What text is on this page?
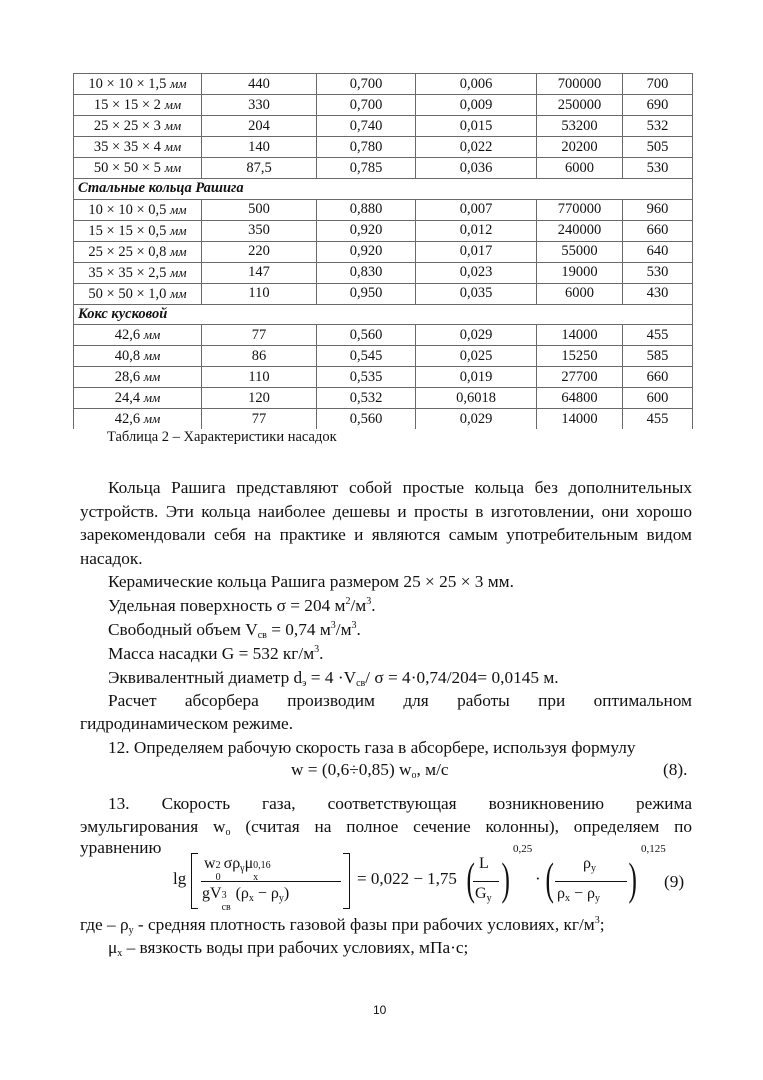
10 × 10 × 1,5 мм	440	0,700	0,006	700000	700
15 × 15 × 2 мм	330	0,700	0,009	250000	690
25 × 25 × 3 мм	204	0,740	0,015	53200	532
35 × 35 × 4 мм	140	0,780	0,022	20200	505
50 × 50 × 5 мм	87,5	0,785	0,036	6000	530
Стальные кольца Рашига					
10 × 10 × 0,5 мм	500	0,880	0,007	770000	960
15 × 15 × 0,5 мм	350	0,920	0,012	240000	660
25 × 25 × 0,8 мм	220	0,920	0,017	55000	640
35 × 35 × 2,5 мм	147	0,830	0,023	19000	530
50 × 50 × 1,0 мм	110	0,950	0,035	6000	430
Кокс кусковой					
42,6 мм	77	0,560	0,029	14000	455
40,8 мм	86	0,545	0,025	15250	585
28,6 мм	110	0,535	0,019	27700	660
24,4 мм	120	0,532	0,6018	64800	600
42,6 мм	77	0,560	0,029	14000	455
Таблица 2 – Характеристики насадок
Кольца Рашига представляют собой простые кольца без дополнительных устройств. Эти кольца наиболее дешевы и просты в изготовлении, они хорошо зарекомендовали себя на практике и являются самым употребительным видом насадок.
Керамические кольца Рашига размером 25 × 25 × 3 мм.
Удельная поверхность σ = 204 $м^2/м^3$.
Свободный объем $V_{св} = 0,74$ $м^3/м^3$.
Масса насадки G = 532 $кг/м^3$.
Эквивалентный диаметр $d_э = 4 \cdot V_{св}/$ σ = 4·0,74/204= 0,0145 м.
Расчет абсорбера производим для работы при оптимальном
гидродинамическом режиме.
12. Определяем рабочую скорость газа в абсорбере, используя формулу
w = (0,6÷0,85) $w_o$, м/с	(8).
13. Скорость газа, соответствующая возникновению режима
эмульгирования $w_o$ (считая на полное сечение колонны), определяем по
уравнению
lg
w 2
0
$\sigma\rho_\gamma\mu$ 0,16
x
gV 3
св
$(\rho_x - \rho_y)$
= 0,022 − 1,75 ( L
$G_y$ )
0,25
· ( $\rho_y$
$\rho_x - \rho_y$ )
0,125
(9)
где – $\rho_y$ - средняя плотность газовой фазы при рабочих условиях, $кг/м^3$;
$\mu_x$ – вязкость воды при рабочих условиях, мПа·с;
10
